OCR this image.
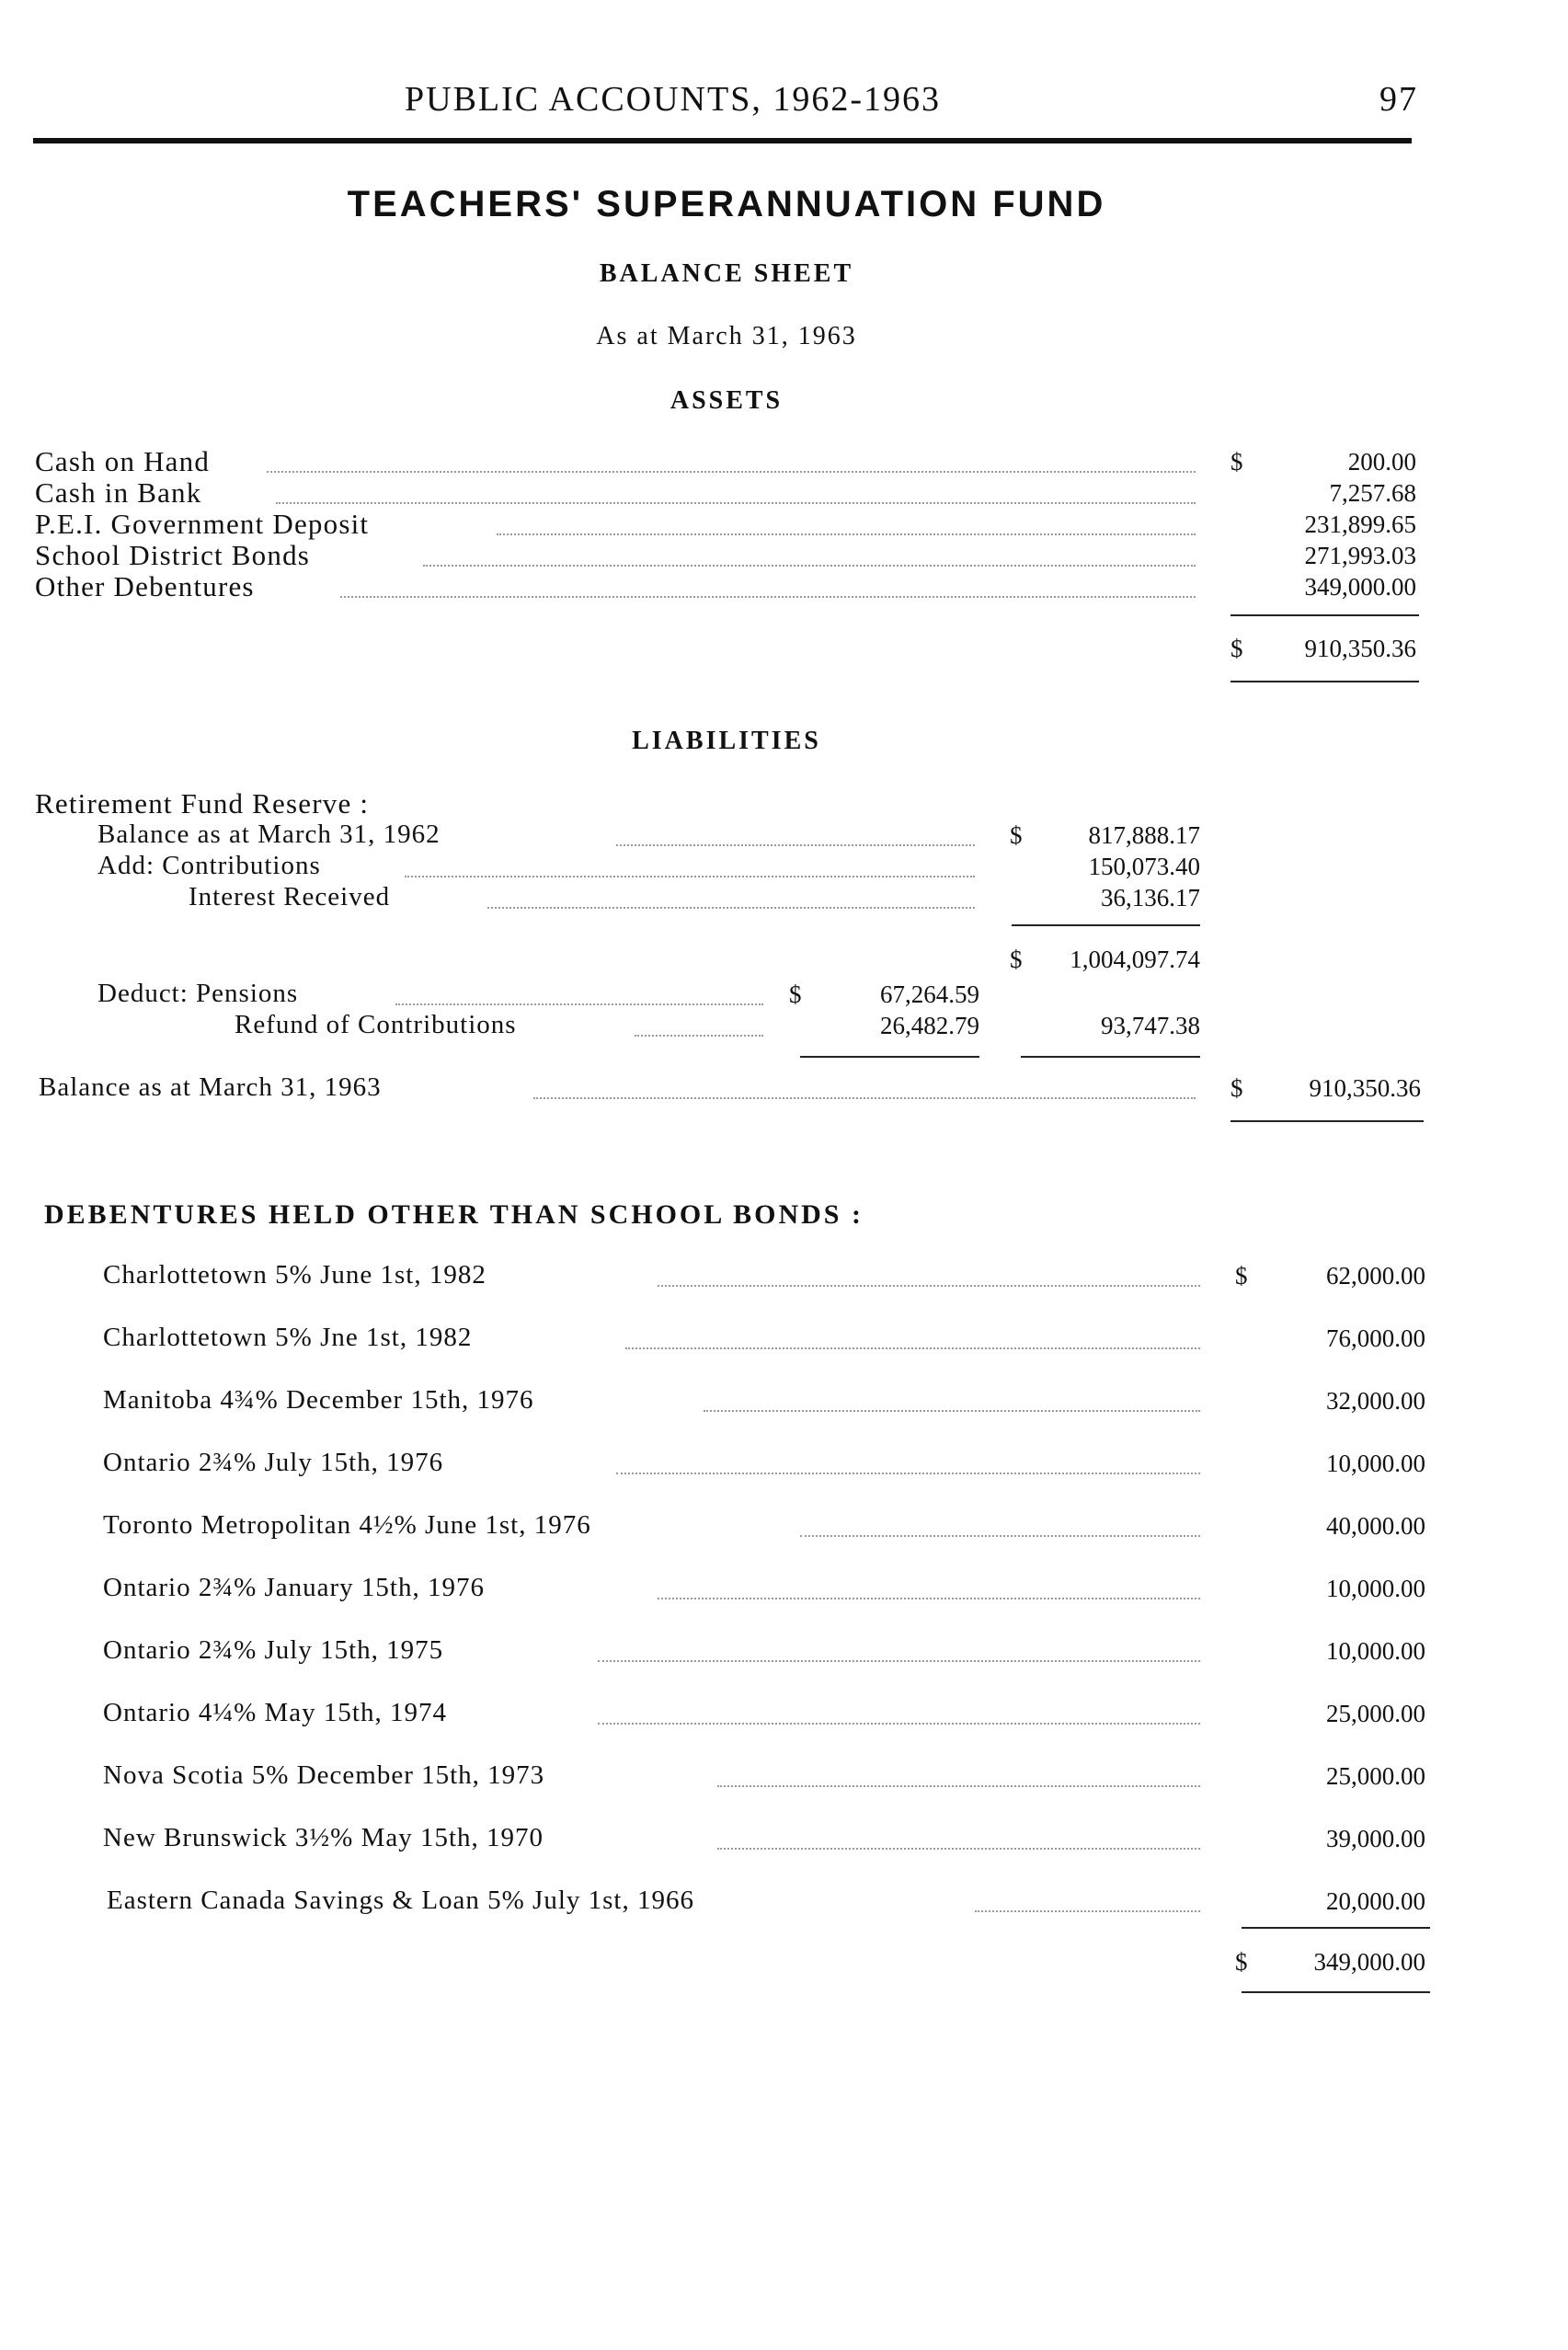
PUBLIC ACCOUNTS, 1962-1963	97
TEACHERS' SUPERANNUATION FUND
BALANCE SHEET
As at March 31, 1963
ASSETS
Cash on Hand	$	200.00
Cash in Bank	7,257.68
P.E.I. Government Deposit	231,899.65
School District Bonds	271,993.03
Other Debentures	349,000.00
$	910,350.36
LIABILITIES
Retirement Fund Reserve :
Balance as at March 31, 1962	$	817,888.17
Add: Contributions	150,073.40
Interest Received	36,136.17
$	1,004,097.74
Deduct: Pensions	$	67,264.59
Refund of Contributions	26,482.79	93,747.38
Balance as at March 31, 1963	$	910,350.36
DEBENTURES HELD OTHER THAN SCHOOL BONDS :
Charlottetown 5% June 1st, 1982	$	62,000.00
Charlottetown 5% Jne 1st, 1982	76,000.00
Manitoba 4¾% December 15th, 1976	32,000.00
Ontario 2¾% July 15th, 1976	10,000.00
Toronto Metropolitan 4½% June 1st, 1976	40,000.00
Ontario 2¾% January 15th, 1976	10,000.00
Ontario 2¾% July 15th, 1975	10,000.00
Ontario 4¼% May 15th, 1974	25,000.00
Nova Scotia 5% December 15th, 1973	25,000.00
New Brunswick 3½% May 15th, 1970	39,000.00
Eastern Canada Savings & Loan 5% July 1st, 1966	20,000.00
$	349,000.00
